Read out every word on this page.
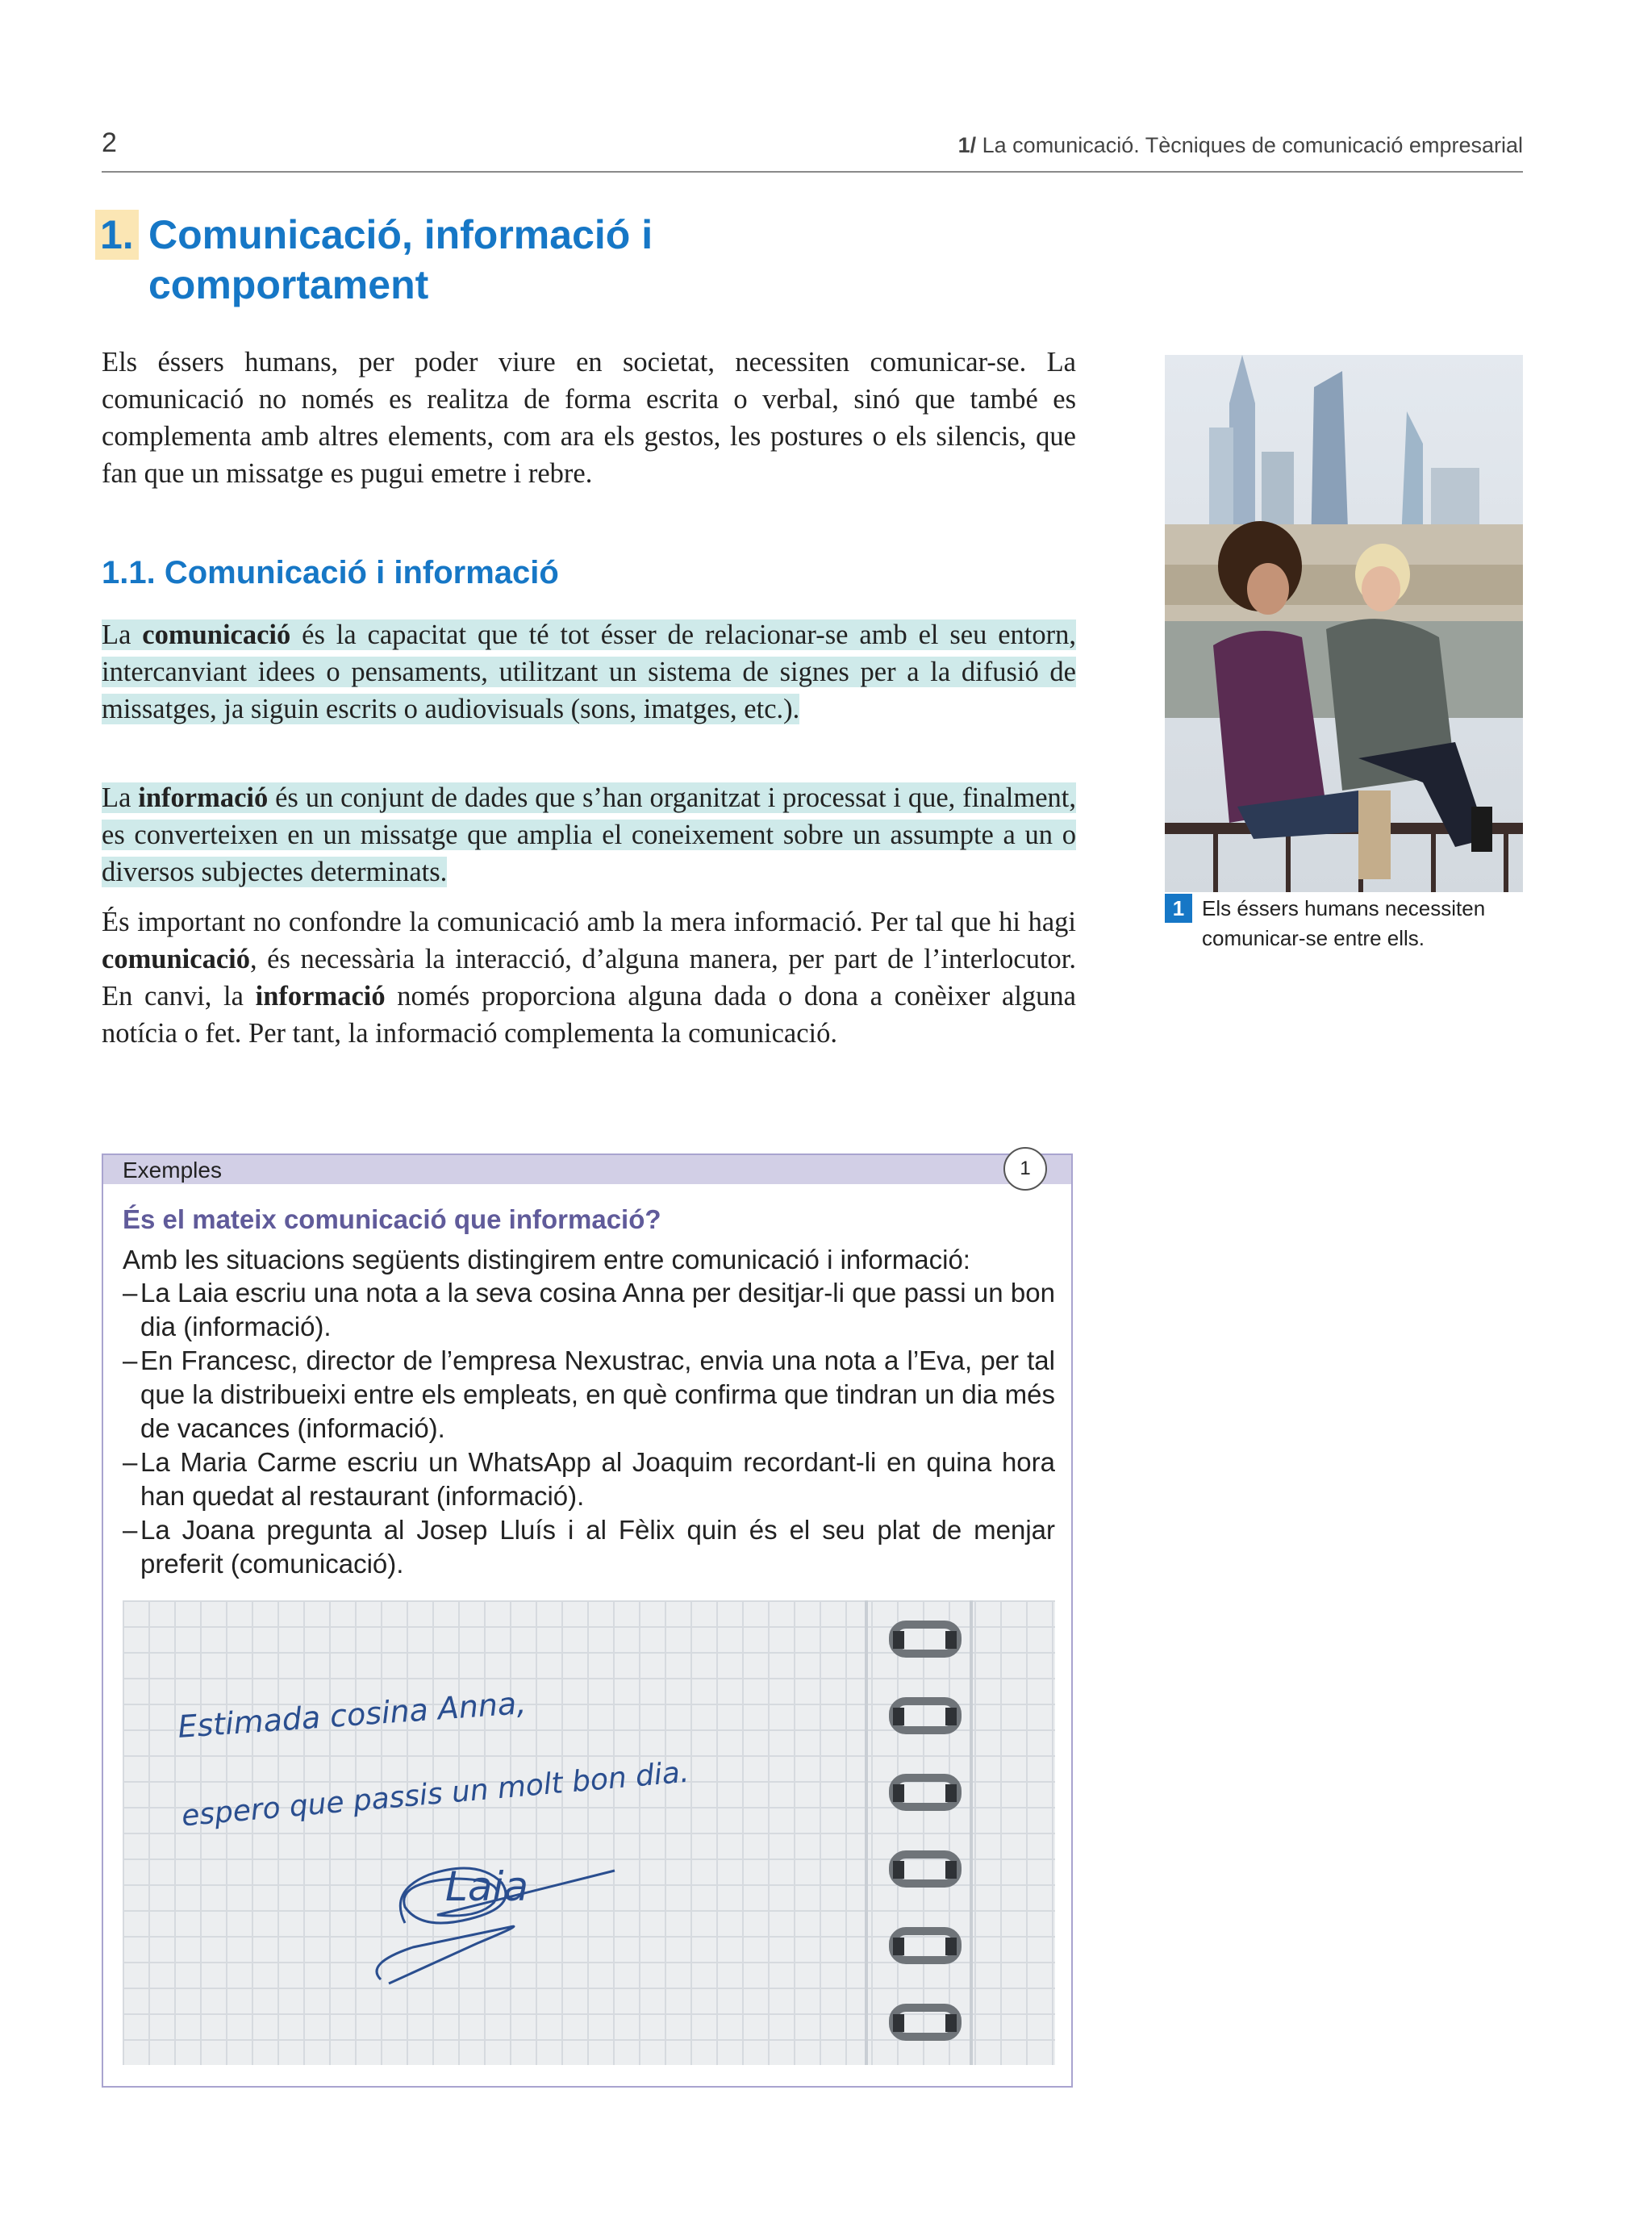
2	1/ La comunicació. Tècniques de comunicació empresarial
1. Comunicació, informació i comportament

Els éssers humans, per poder viure en societat, necessiten comunicar-se. La comunicació no només es realitza de forma escrita o verbal, sinó que també es complementa amb altres elements, com ara els gestos, les postures o els silencis, que fan que un missatge es pugui emetre i rebre.

1.1. Comunicació i informació

La comunicació és la capacitat que té tot ésser de relacionar-se amb el seu entorn, intercanviant idees o pensaments, utilitzant un sistema de signes per a la difusió de missatges, ja siguin escrits o audiovisuals (sons, imatges, etc.).

La informació és un conjunt de dades que s’han organitzat i processat i que, finalment, es converteixen en un missatge que amplia el coneixement sobre un assumpte a un o diversos subjectes determinats.

És important no confondre la comunicació amb la mera informació. Per tal que hi hagi comunicació, és necessària la interacció, d’alguna manera, per part de l’interlocutor. En canvi, la informació només proporciona alguna dada o dona a conèixer alguna notícia o fet. Per tant, la informació complementa la comunicació.

1 Els éssers humans necessiten comunicar-se entre ells.
Exemples	1
És el mateix comunicació que informació?
Amb les situacions següents distingirem entre comunicació i informació:
– La Laia escriu una nota a la seva cosina Anna per desitjar-li que passi un bon dia (informació).
– En Francesc, director de l’empresa Nexustrac, envia una nota a l’Eva, per tal que la distribueixi entre els empleats, en què confirma que tindran un dia més de vacances (informació).
– La Maria Carme escriu un WhatsApp al Joaquim recordant-li en quina hora han quedat al restaurant (informació).
– La Joana pregunta al Josep Lluís i al Fèlix quin és el seu plat de menjar preferit (comunicació).
Estimada cosina Anna,
espero que passis un molt bon dia.
Laia
